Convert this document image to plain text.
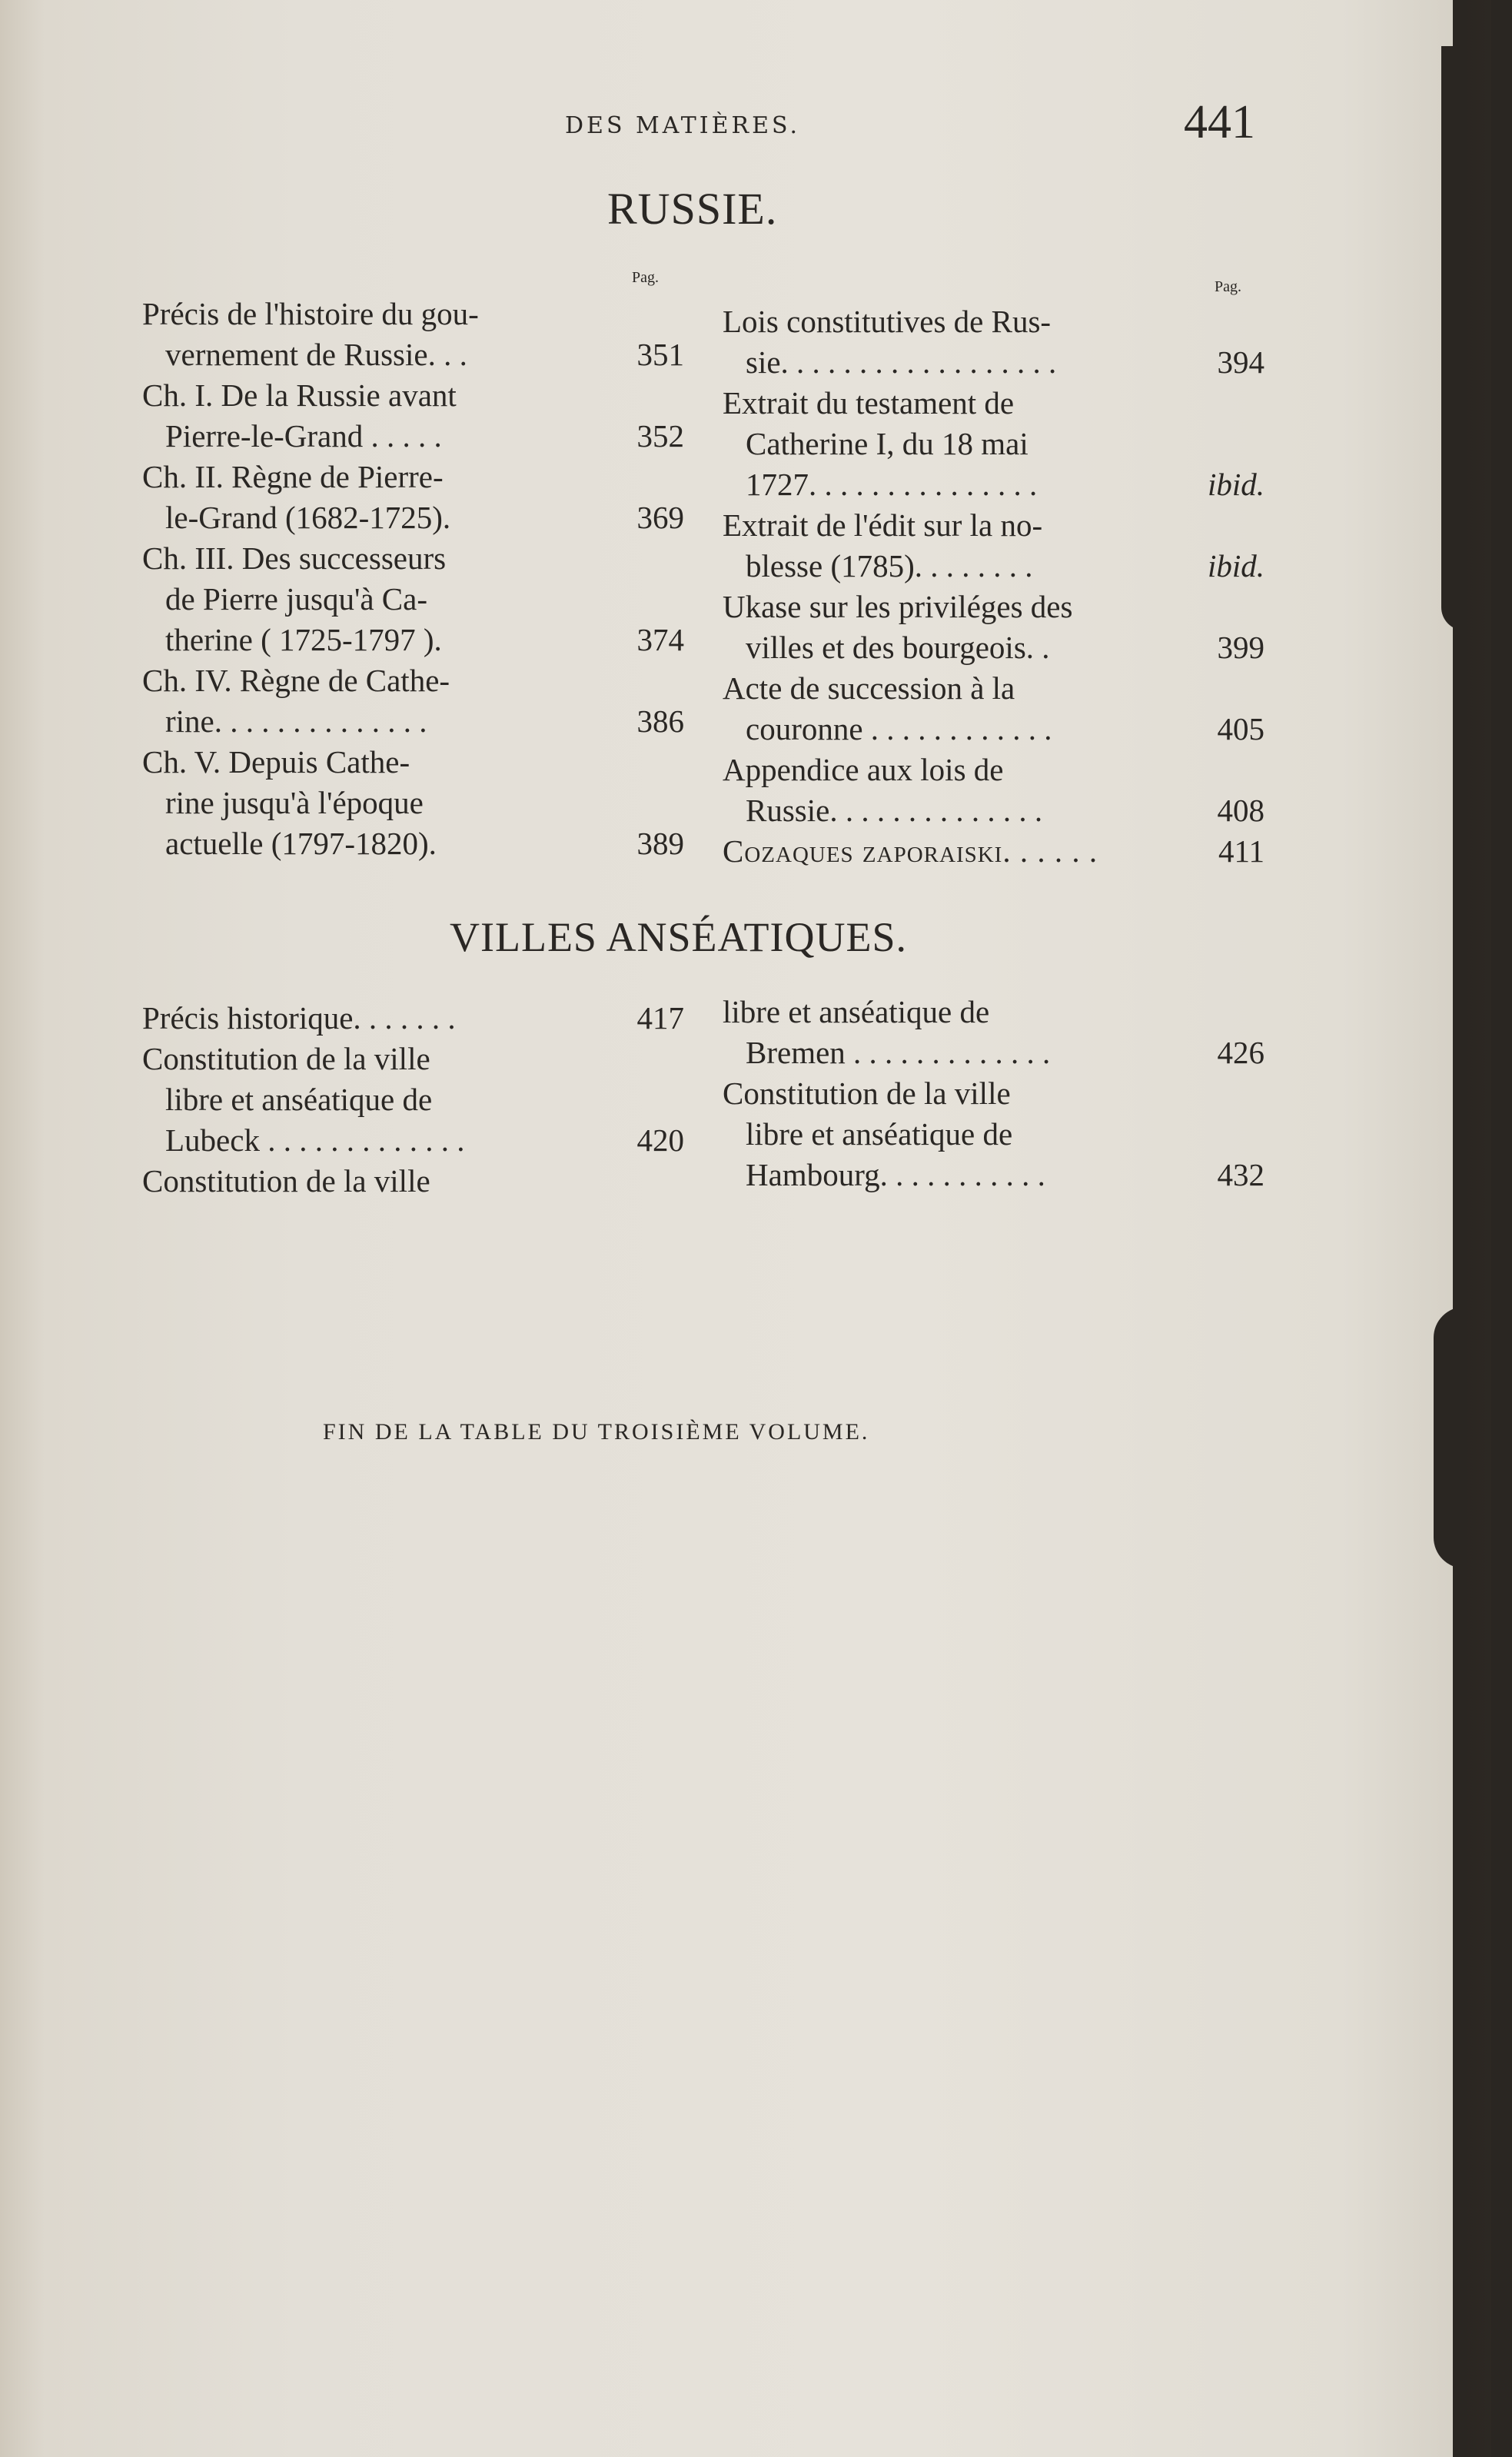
DES MATIÈRES.	441
RUSSIE.
Pag.
Pag.
Précis de l'histoire du gou-
vernement de Russie. . .	351
Ch. I. De la Russie avant
Pierre-le-Grand . . . . .	352
Ch. II. Règne de Pierre-
le-Grand (1682-1725).	369
Ch. III. Des successeurs
de Pierre jusqu'à Ca-
therine ( 1725-1797 ).	374
Ch. IV. Règne de Cathe-
rine. . . . . . . . . . . . . .	386
Ch. V. Depuis Cathe-
rine jusqu'à l'époque
actuelle (1797-1820).	389
Lois constitutives de Rus-
sie. . . . . . . . . . . . . . . . . .	394
Extrait du testament de
Catherine I, du 18 mai
1727. . . . . . . . . . . . . . .	ibid.
Extrait de l'édit sur la no-
blesse (1785). . . . . . . .	ibid.
Ukase sur les priviléges des
villes et des bourgeois. .	399
Acte de succession à la
couronne . . . . . . . . . . . .	405
Appendice aux lois de
Russie. . . . . . . . . . . . . .	408
Cozaques zaporaiski. . . . . .	411
VILLES ANSÉATIQUES.
Précis historique. . . . . . .	417
Constitution de la ville
libre et anséatique de
Lubeck . . . . . . . . . . . . .	420
Constitution de la ville
libre et anséatique de
Bremen . . . . . . . . . . . . .	426
Constitution de la ville
libre et anséatique de
Hambourg. . . . . . . . . . .	432
FIN DE LA TABLE DU TROISIÈME VOLUME.
